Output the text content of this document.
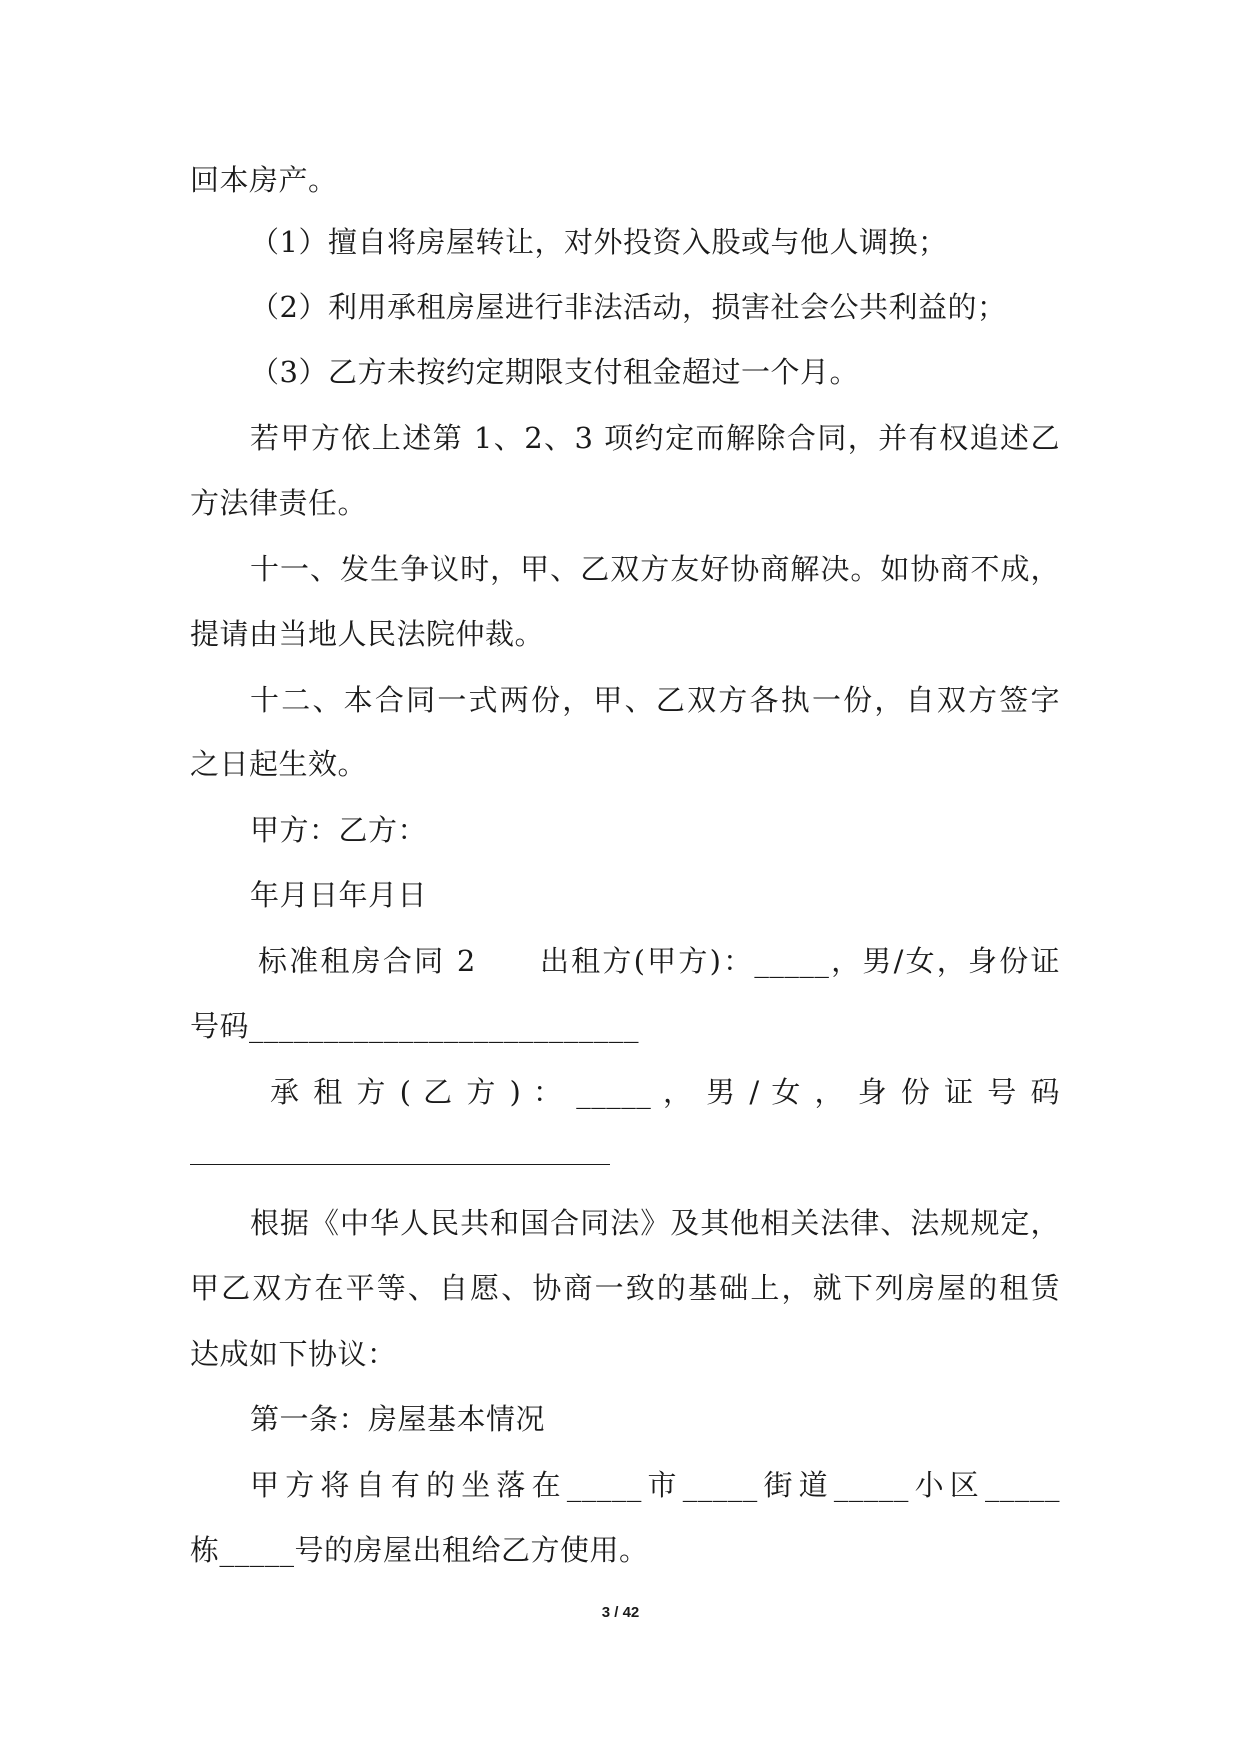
回本房产。
（1）擅自将房屋转让，对外投资入股或与他人调换；
（2）利用承租房屋进行非法活动，损害社会公共利益的；
（3）乙方未按约定期限支付租金超过一个月。
若甲方依上述第 1、2、3 项约定而解除合同，并有权追述乙
方法律责任。
十一、发生争议时，甲、乙双方友好协商解决。如协商不成，
提请由当地人民法院仲裁。
十二、本合同一式两份，甲、乙双方各执一份，自双方签字
之日起生效。
甲方：乙方：
年月日年月日
标准租房合同 2　　出租方(甲方)：_____，男/女，身份证
号码__________________________
承 租 方 ( 乙 方 ) ： _____ ， 男 / 女 ， 身 份 证 号 码
根据《中华人民共和国合同法》及其他相关法律、法规规定，
甲乙双方在平等、自愿、协商一致的基础上，就下列房屋的租赁
达成如下协议：
第一条：房屋基本情况
甲方将自有的坐落在_____市_____街道_____小区_____
栋_____号的房屋出租给乙方使用。
3 / 42
